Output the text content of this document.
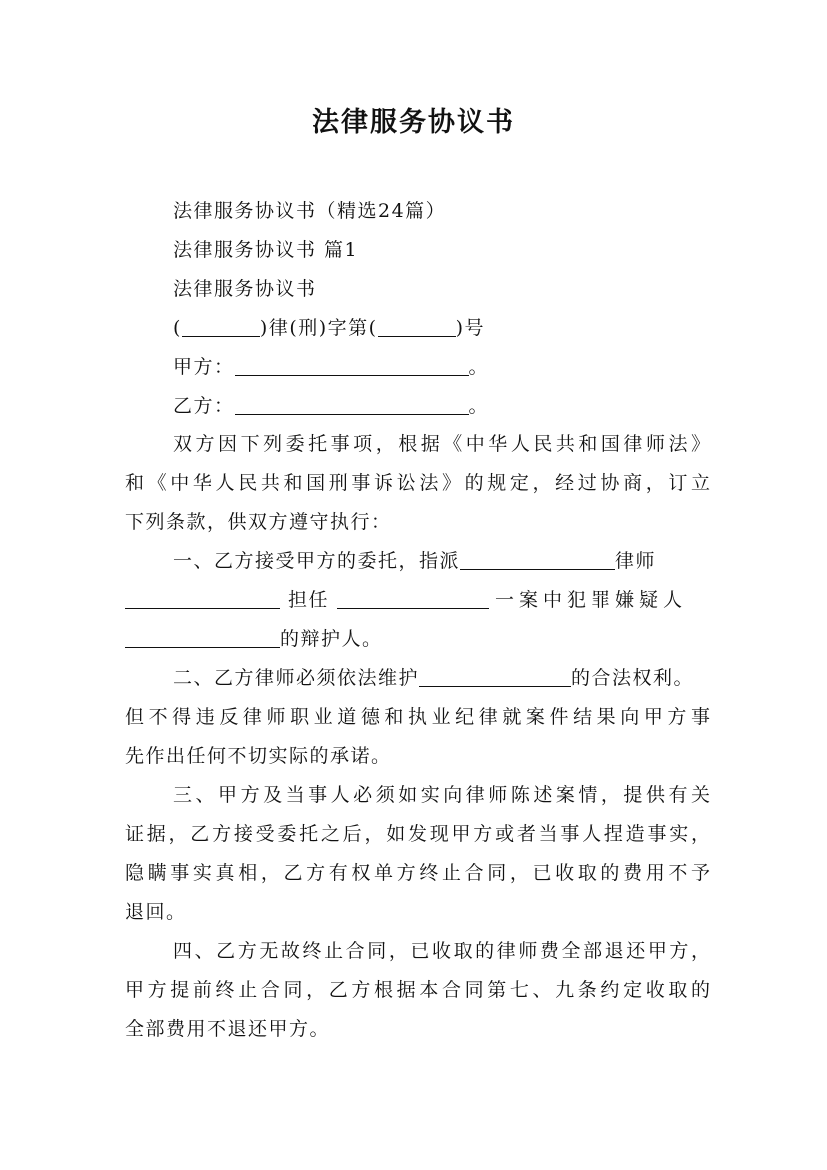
法律服务协议书
法律服务协议书（精选24篇）
法律服务协议书 篇1
法律服务协议书
(	)律(刑)字第(	)号
甲方：	。
乙方：	。
双方因下列委托事项，根据《中华人民共和国律师法》
和《中华人民共和国刑事诉讼法》的规定，经过协商，订立
下列条款，供双方遵守执行：
一、乙方接受甲方的委托，指派	律师
担任	一案中犯罪嫌疑人
的辩护人。
二、乙方律师必须依法维护	的合法权利。
但不得违反律师职业道德和执业纪律就案件结果向甲方事
先作出任何不切实际的承诺。
三、甲方及当事人必须如实向律师陈述案情，提供有关
证据，乙方接受委托之后，如发现甲方或者当事人捏造事实，
隐瞒事实真相，乙方有权单方终止合同，已收取的费用不予
退回。
四、乙方无故终止合同，已收取的律师费全部退还甲方，
甲方提前终止合同，乙方根据本合同第七、九条约定收取的
全部费用不退还甲方。
